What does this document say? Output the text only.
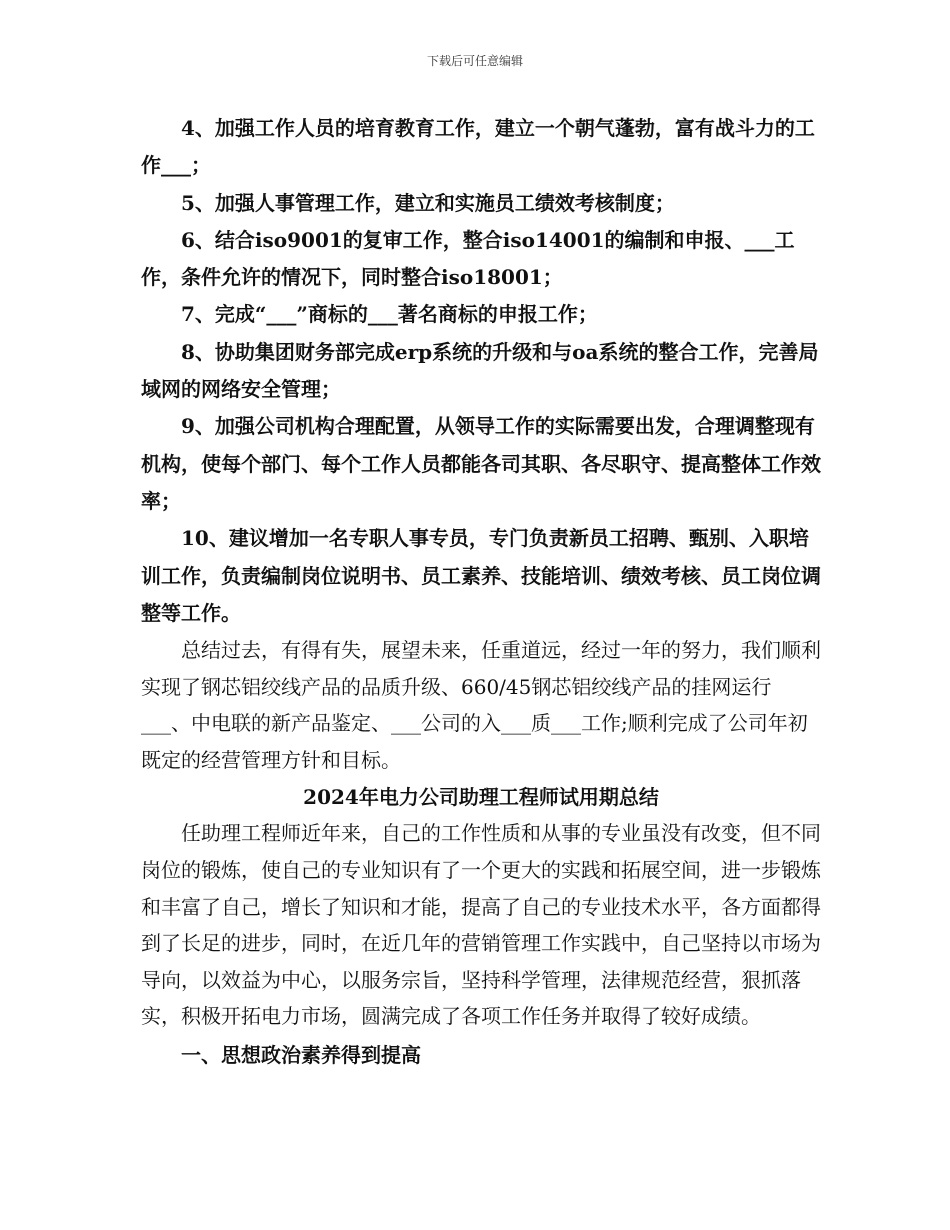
下载后可任意编辑

4、加强工作人员的培育教育工作，建立一个朝气蓬勃，富有战斗力的工作___；

5、加强人事管理工作，建立和实施员工绩效考核制度；

6、结合iso9001的复审工作，整合iso14001的编制和申报、___工作，条件允许的情况下，同时整合iso18001；

7、完成“___”商标的___著名商标的申报工作；

8、协助集团财务部完成erp系统的升级和与oa系统的整合工作，完善局域网的网络安全管理；

9、加强公司机构合理配置，从领导工作的实际需要出发，合理调整现有机构，使每个部门、每个工作人员都能各司其职、各尽职守、提高整体工作效率；

10、建议增加一名专职人事专员，专门负责新员工招聘、甄别、入职培训工作，负责编制岗位说明书、员工素养、技能培训、绩效考核、员工岗位调整等工作。

总结过去，有得有失，展望未来，任重道远，经过一年的努力，我们顺利实现了钢芯铝绞线产品的品质升级、660/45钢芯铝绞线产品的挂网运行___、中电联的新产品鉴定、___公司的入___质___工作;顺利完成了公司年初既定的经营管理方针和目标。

2024年电力公司助理工程师试用期总结

任助理工程师近年来，自己的工作性质和从事的专业虽没有改变，但不同岗位的锻炼，使自己的专业知识有了一个更大的实践和拓展空间，进一步锻炼和丰富了自己，增长了知识和才能，提高了自己的专业技术水平，各方面都得到了长足的进步，同时，在近几年的营销管理工作实践中，自己坚持以市场为导向，以效益为中心，以服务宗旨，坚持科学管理，法律规范经营，狠抓落实，积极开拓电力市场，圆满完成了各项工作任务并取得了较好成绩。

一、思想政治素养得到提高
